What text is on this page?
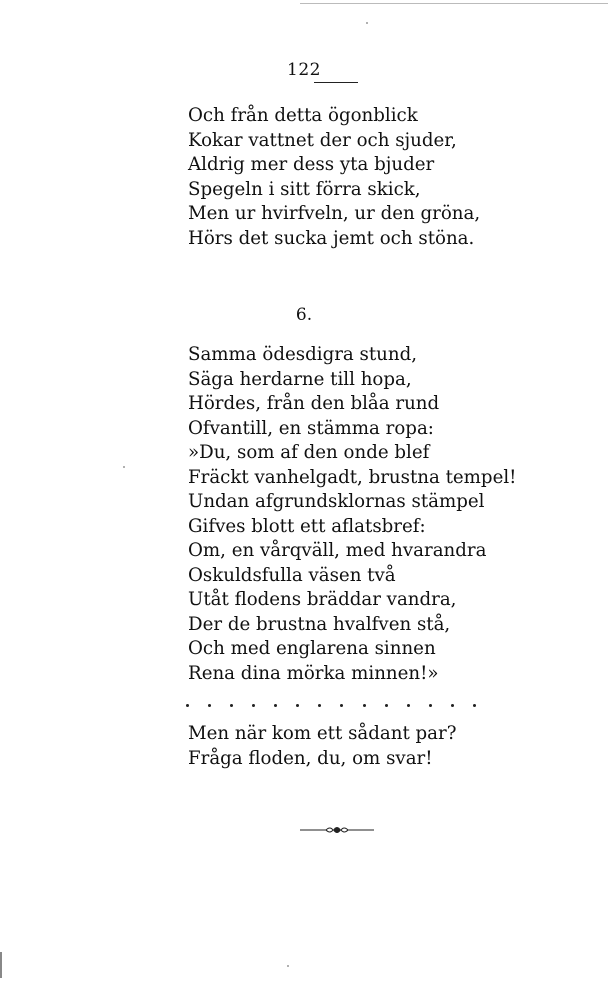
122
Och från detta ögonblick
Kokar vattnet der och sjuder,
Aldrig mer dess yta bjuder
Spegeln i sitt förra skick,
Men ur hvirfveln, ur den gröna,
Hörs det sucka jemt och stöna.
6.
Samma ödesdigra stund,
Säga herdarne till hopa,
Hördes, från den blåa rund
Ofvantill, en stämma ropa:
»Du, som af den onde blef
Fräckt vanhelgadt, brustna tempel!
Undan afgrundsklornas stämpel
Gifves blott ett aflatsbref:
Om, en vårqväll, med hvarandra
Oskuldsfulla väsen två
Utåt flodens bräddar vandra,
Der de brustna hvalfven stå,
Och med englarena sinnen
Rena dina mörka minnen!»
Men när kom ett sådant par?
Fråga floden, du, om svar!
